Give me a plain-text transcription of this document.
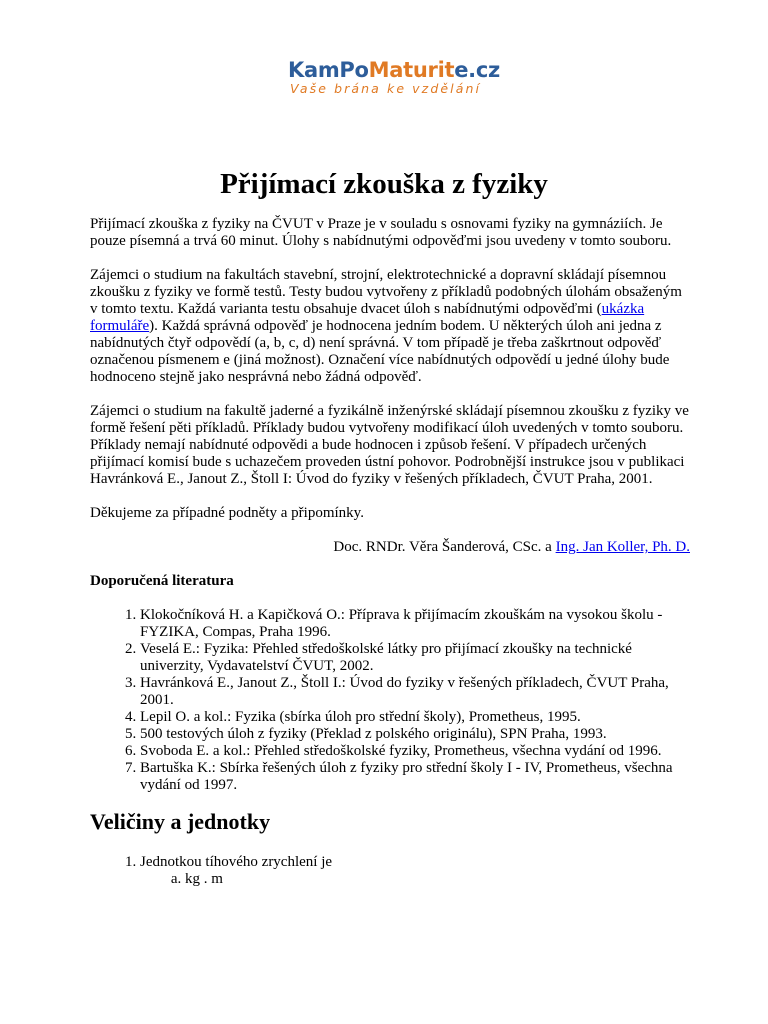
KamPoMaturite.cz
Vaše brána ke vzdělání
Přijímací zkouška z fyziky

Přijímací zkouška z fyziky na ČVUT v Praze je v souladu s osnovami fyziky na gymnáziích. Je pouze písemná a trvá 60 minut. Úlohy s nabídnutými odpověďmi jsou uvedeny v tomto souboru.

Zájemci o studium na fakultách stavební, strojní, elektrotechnické a dopravní skládají písemnou zkoušku z fyziky ve formě testů. Testy budou vytvořeny z příkladů podobných úlohám obsaženým v tomto textu. Každá varianta testu obsahuje dvacet úloh s nabídnutými odpověďmi (ukázka formuláře). Každá správná odpověď je hodnocena jedním bodem. U některých úloh ani jedna z nabídnutých čtyř odpovědí (a, b, c, d) není správná. V tom případě je třeba zaškrtnout odpověď označenou písmenem e (jiná možnost). Označení více nabídnutých odpovědí u jedné úlohy bude hodnoceno stejně jako nesprávná nebo žádná odpověď.

Zájemci o studium na fakultě jaderné a fyzikálně inženýrské skládají písemnou zkoušku z fyziky ve formě řešení pěti příkladů. Příklady budou vytvořeny modifikací úloh uvedených v tomto souboru. Příklady nemají nabídnuté odpovědi a bude hodnocen i způsob řešení. V případech určených přijímací komisí bude s uchazečem proveden ústní pohovor. Podrobnější instrukce jsou v publikaci Havránková E., Janout Z., Štoll I: Úvod do fyziky v řešených příkladech, ČVUT Praha, 2001.

Děkujeme za případné podněty a připomínky.

Doc. RNDr. Věra Šanderová, CSc. a Ing. Jan Koller, Ph. D.

Doporučená literatura

1. Klokočníková H. a Kapičková O.: Příprava k přijímacím zkouškám na vysokou školu - FYZIKA, Compas, Praha 1996.
2. Veselá E.: Fyzika: Přehled středoškolské látky pro přijímací zkoušky na technické univerzity, Vydavatelství ČVUT, 2002.
3. Havránková E., Janout Z., Štoll I.: Úvod do fyziky v řešených příkladech, ČVUT Praha, 2001.
4. Lepil O. a kol.: Fyzika (sbírka úloh pro střední školy), Prometheus, 1995.
5. 500 testových úloh z fyziky (Překlad z polského originálu), SPN Praha, 1993.
6. Svoboda E. a kol.: Přehled středoškolské fyziky, Prometheus, všechna vydání od 1996.
7. Bartuška K.: Sbírka řešených úloh z fyziky pro střední školy I - IV, Prometheus, všechna vydání od 1997.
Veličiny a jednotky
1. Jednotkou tíhového zrychlení je
a. kg . m
